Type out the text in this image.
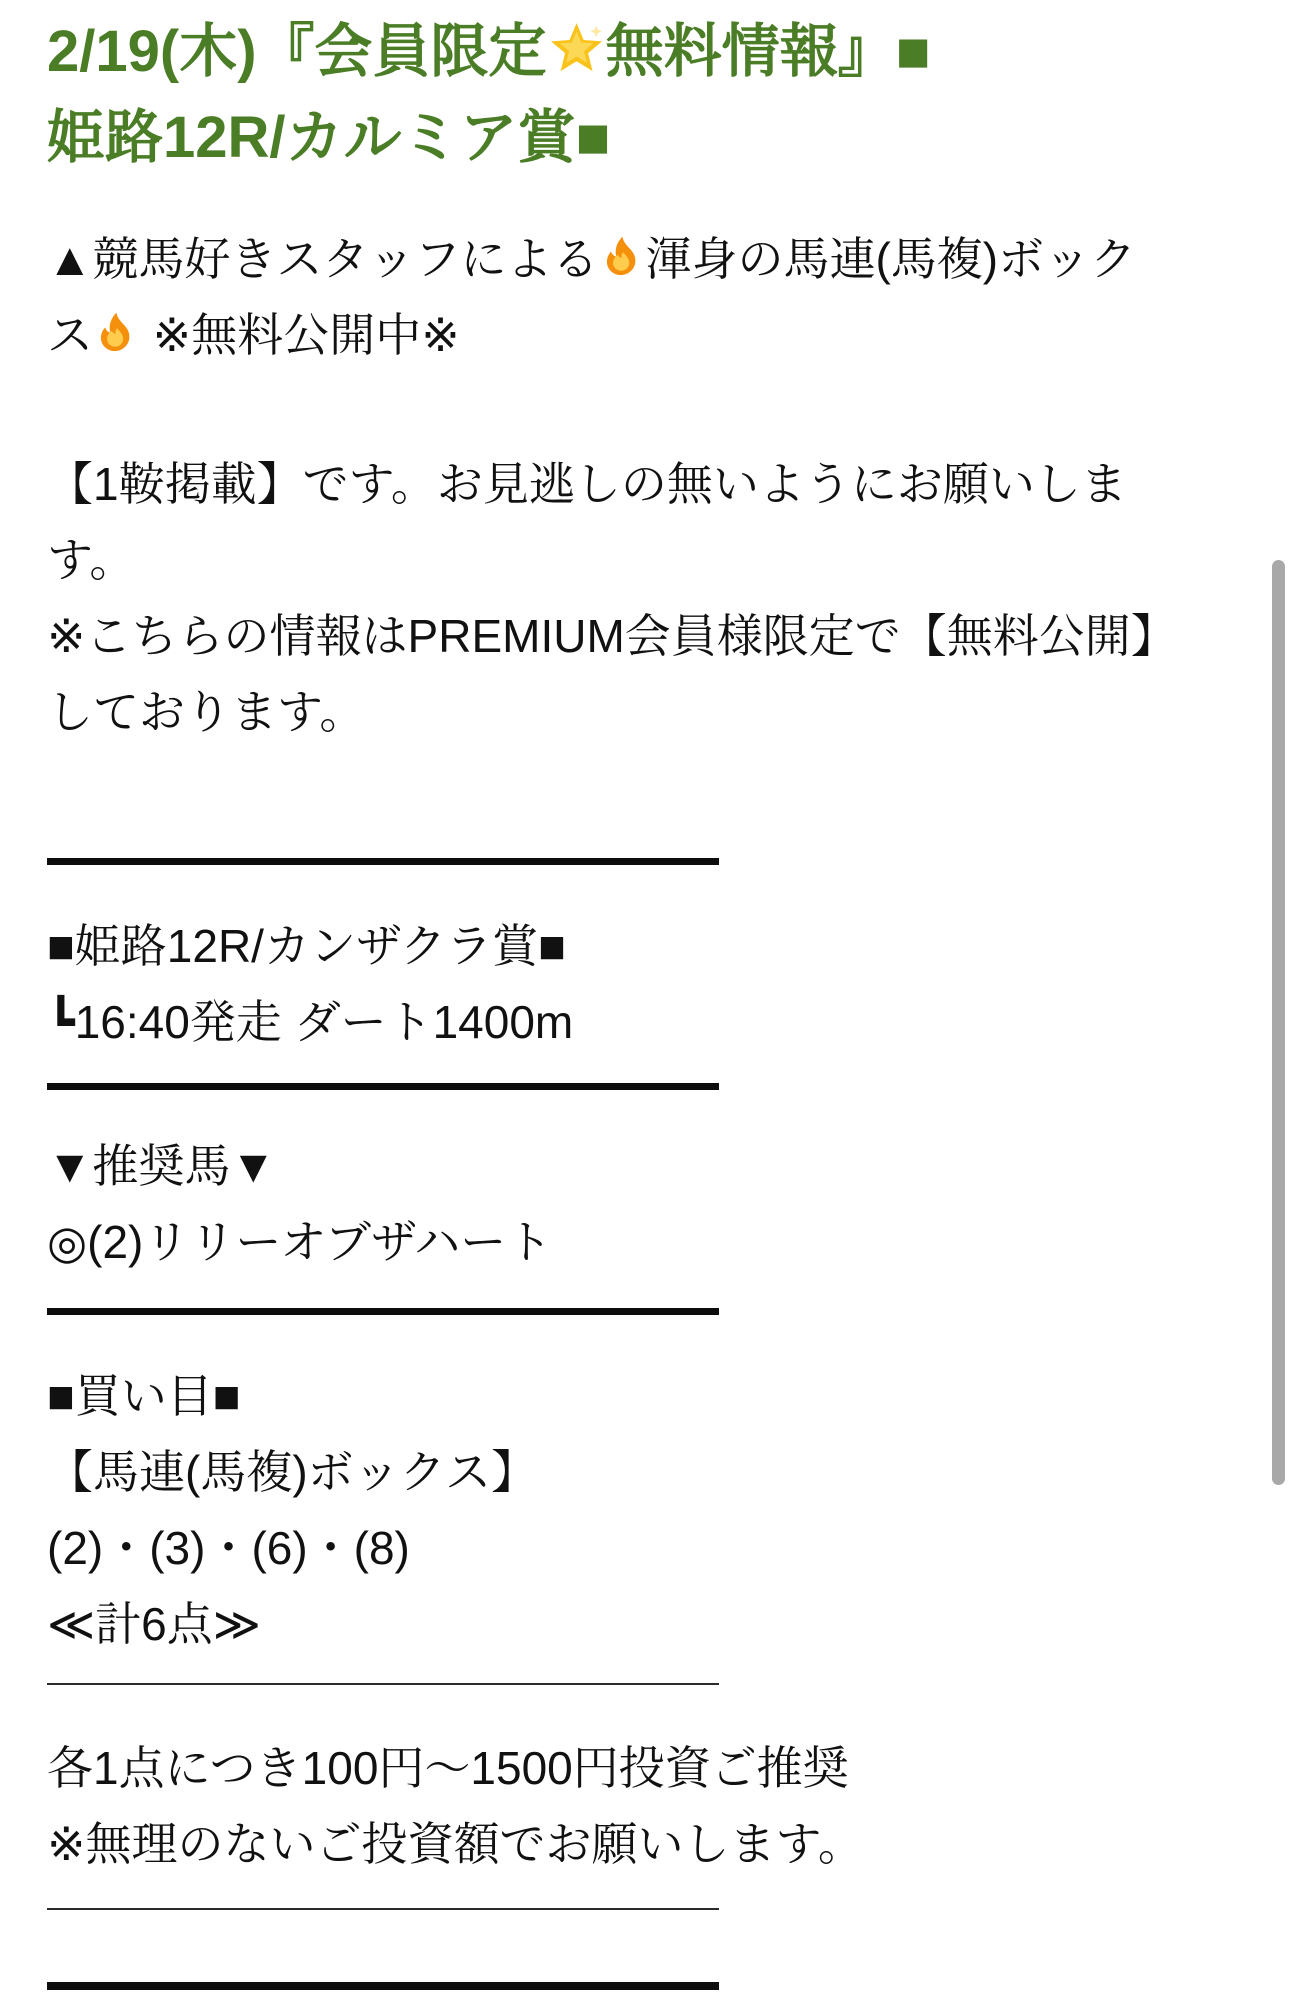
2/19(木)『会員限定 無料情報』■
姫路12R/カルミア賞■

▲競馬好きスタッフによる 渾身の馬連(馬複)ボック
ス ※無料公開中※

【1鞍掲載】です。お見逃しの無いようにお願いしま
す。
※こちらの情報はPREMIUM会員様限定で【無料公開】
しております。

■姫路12R/カンザクラ賞■
┗16:40発走 ダート1400m

▼推奨馬▼
◎(2)リリーオブザハート

■買い目■
【馬連(馬複)ボックス】
(2)・(3)・(6)・(8)
≪計6点≫

各1点につき100円〜1500円投資ご推奨
※無理のないご投資額でお願いします。
